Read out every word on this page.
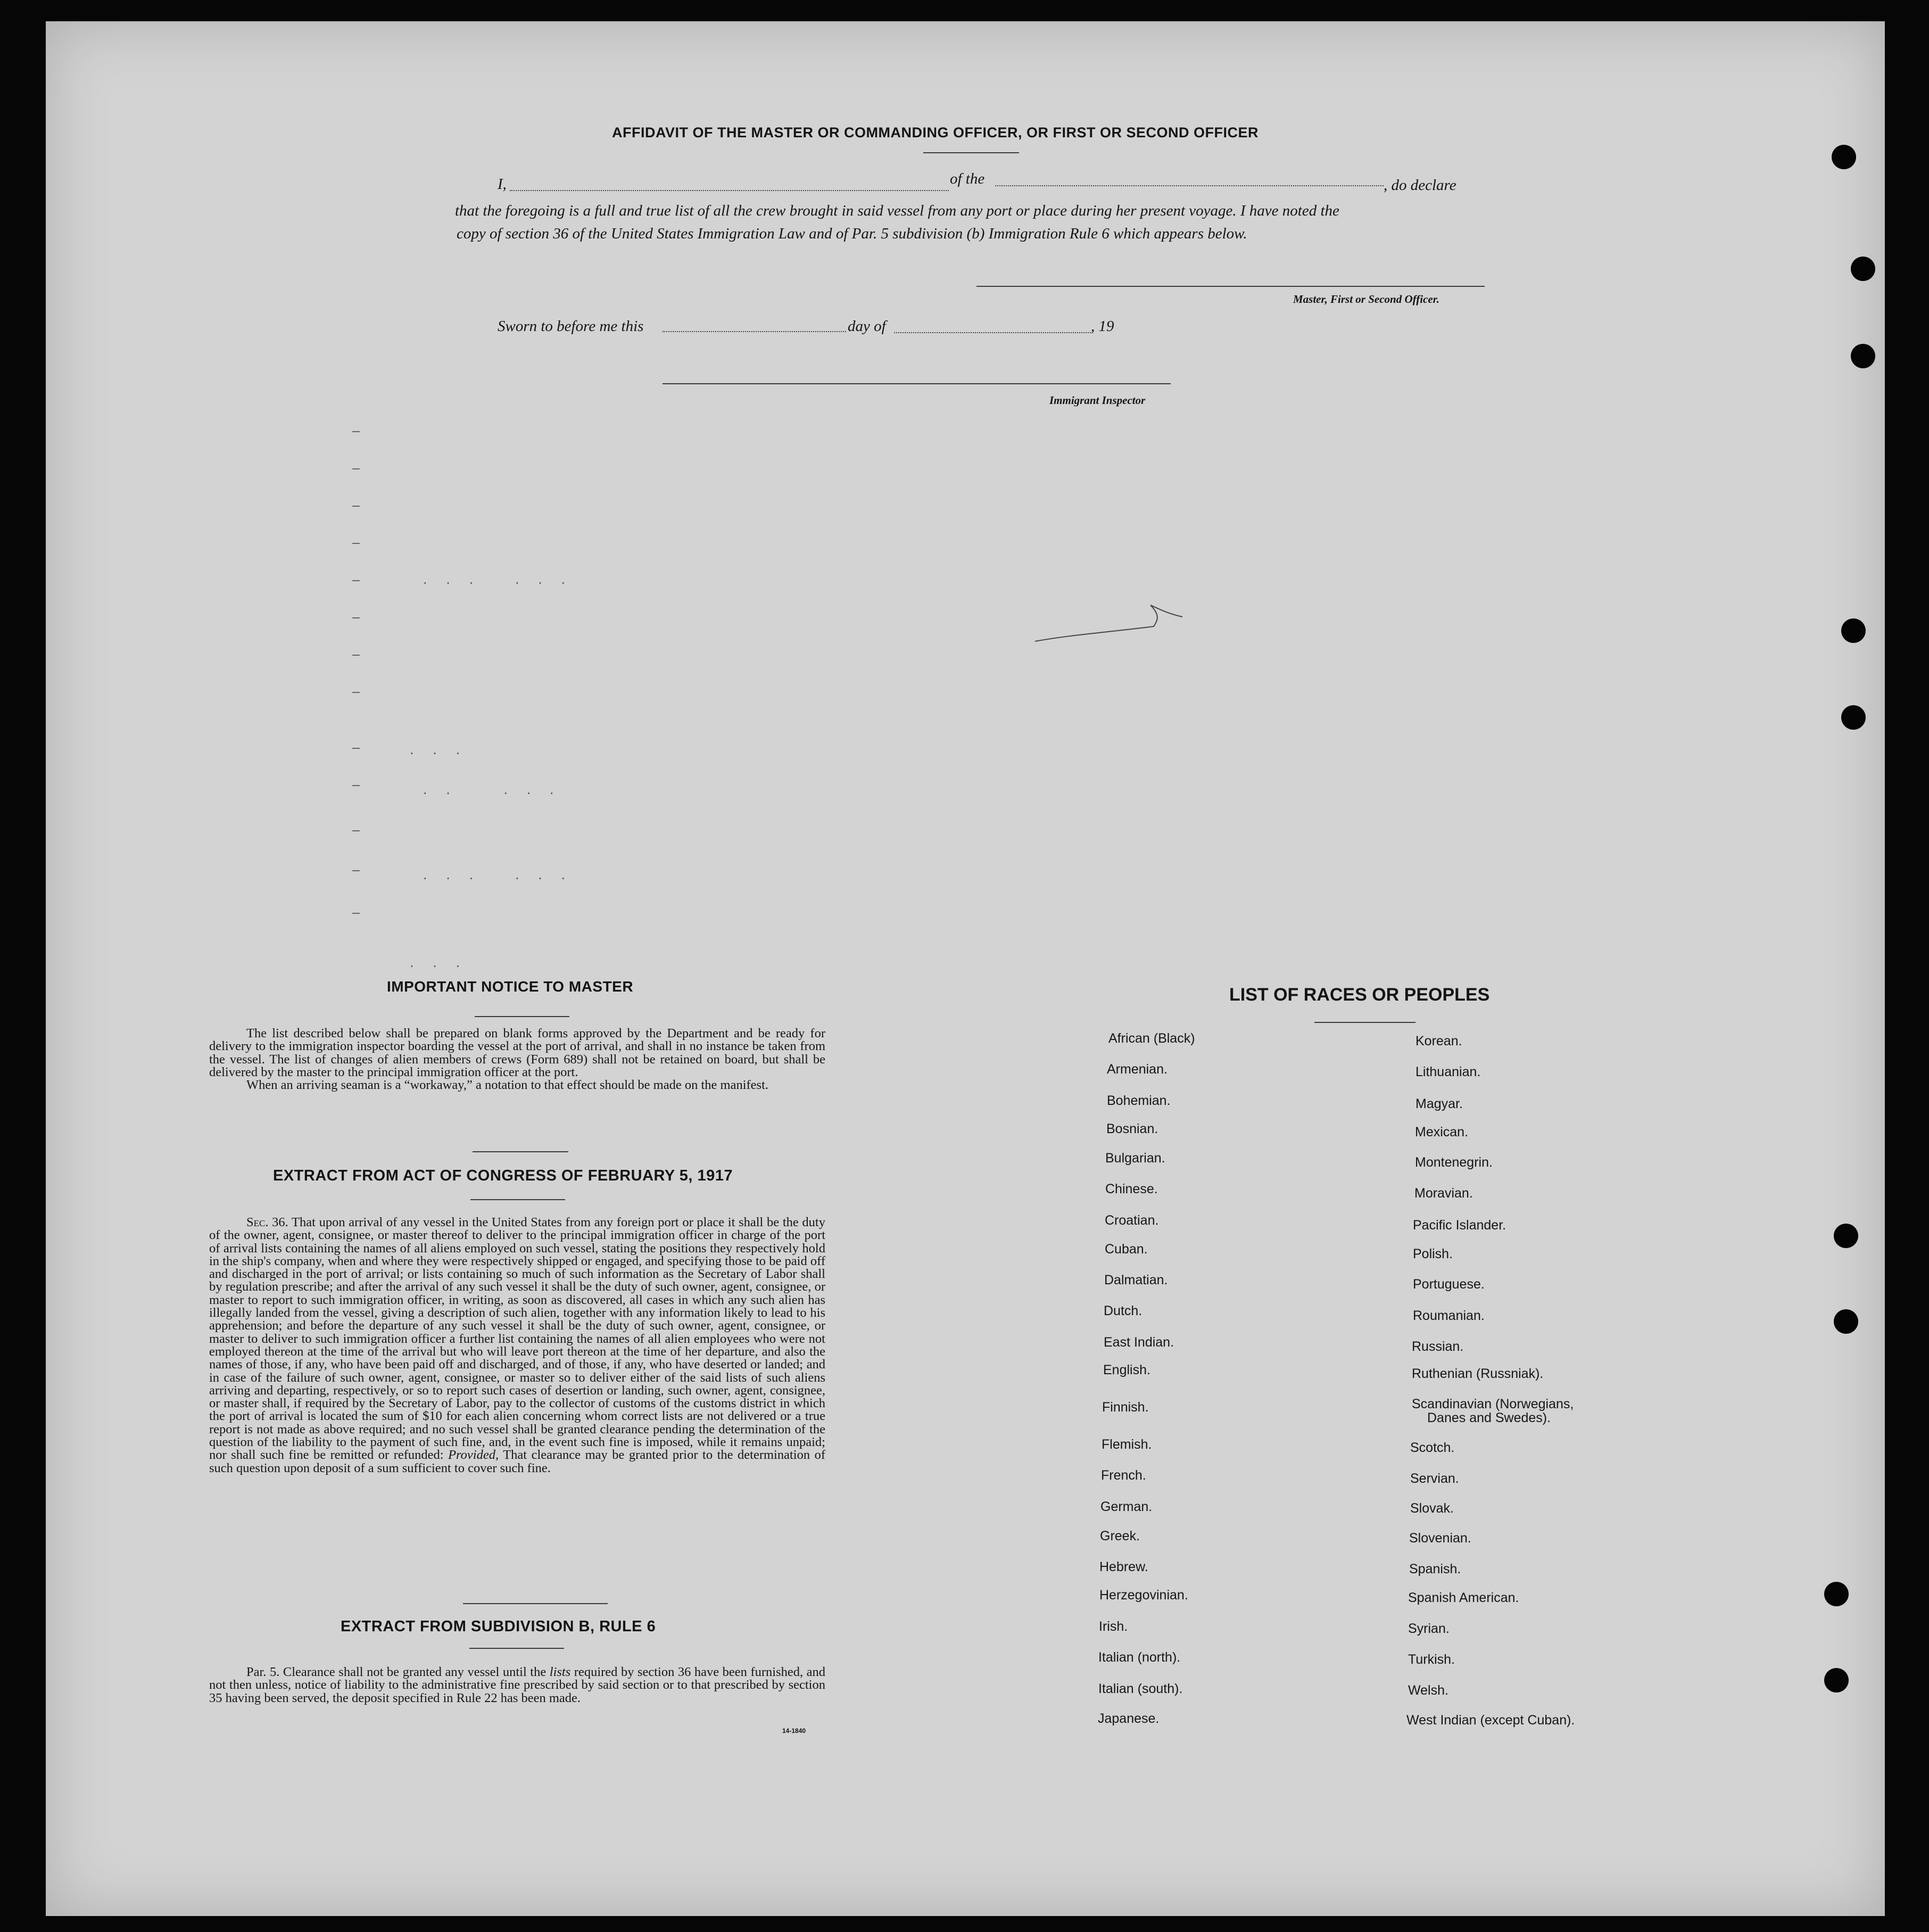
AFFIDAVIT OF THE MASTER OR COMMANDING OFFICER, OR FIRST OR SECOND OFFICER
I,	of the	, do declare
that the foregoing is a full and true list of all the crew brought in said vessel from any port or place during her present voyage. I have noted the
copy of section 36 of the United States Immigration Law and of Par. 5 subdivision (b) Immigration Rule 6 which appears below.
Master, First or Second Officer.
Sworn to before me this	day of	, 19
Immigrant Inspector
. . .   . . .
. . .
. .    . . .
. . .   . . .
. . .
IMPORTANT NOTICE TO MASTER

The list described below shall be prepared on blank forms approved by the Department and be ready for delivery to the immigration inspector boarding the vessel at the port of arrival, and shall in no instance be taken from the vessel. The list of changes of alien members of crews (Form 689) shall not be retained on board, but shall be delivered by the master to the principal immigration officer at the port.

When an arriving seaman is a “workaway,” a notation to that effect should be made on the manifest.

EXTRACT FROM ACT OF CONGRESS OF FEBRUARY 5, 1917

Sec. 36. That upon arrival of any vessel in the United States from any foreign port or place it shall be the duty of the owner, agent, consignee, or master thereof to deliver to the principal immigration officer in charge of the port of arrival lists containing the names of all aliens employed on such vessel, stating the positions they respectively hold in the ship's company, when and where they were respectively shipped or engaged, and specifying those to be paid off and discharged in the port of arrival; or lists containing so much of such information as the Secretary of Labor shall by regulation prescribe; and after the arrival of any such vessel it shall be the duty of such owner, agent, consignee, or master to report to such immigration officer, in writing, as soon as discovered, all cases in which any such alien has illegally landed from the vessel, giving a description of such alien, together with any information likely to lead to his apprehension; and before the departure of any such vessel it shall be the duty of such owner, agent, consignee, or master to deliver to such immigration officer a further list containing the names of all alien employees who were not employed thereon at the time of the arrival but who will leave port thereon at the time of her departure, and also the names of those, if any, who have been paid off and discharged, and of those, if any, who have deserted or landed; and in case of the failure of such owner, agent, consignee, or master so to deliver either of the said lists of such aliens arriving and departing, respectively, or so to report such cases of desertion or landing, such owner, agent, consignee, or master shall, if required by the Secretary of Labor, pay to the collector of customs of the customs district in which the port of arrival is located the sum of $10 for each alien concerning whom correct lists are not delivered or a true report is not made as above required; and no such vessel shall be granted clearance pending the determination of the question of the liability to the payment of such fine, and, in the event such fine is imposed, while it remains unpaid; nor shall such fine be remitted or refunded: Provided, That clearance may be granted prior to the determination of such question upon deposit of a sum sufficient to cover such fine.

EXTRACT FROM SUBDIVISION B, RULE 6

Par. 5. Clearance shall not be granted any vessel until the lists required by section 36 have been furnished, and not then unless, notice of liability to the administrative fine prescribed by said section or to that prescribed by section 35 having been served, the deposit specified in Rule 22 has been made.

14-1840
LIST OF RACES OR PEOPLES
African (Black)
Armenian.
Bohemian.
Bosnian.
Bulgarian.
Chinese.
Croatian.
Cuban.
Dalmatian.
Dutch.
East Indian.
English.
Finnish.
Flemish.
French.
German.
Greek.
Hebrew.
Herzegovinian.
Irish.
Italian (north).
Italian (south).
Japanese.
Korean.
Lithuanian.
Magyar.
Mexican.
Montenegrin.
Moravian.
Pacific Islander.
Polish.
Portuguese.
Roumanian.
Russian.
Ruthenian (Russniak).
Scandinavian (Norwegians,
Danes and Swedes).
Scotch.
Servian.
Slovak.
Slovenian.
Spanish.
Spanish American.
Syrian.
Turkish.
Welsh.
West Indian (except Cuban).
